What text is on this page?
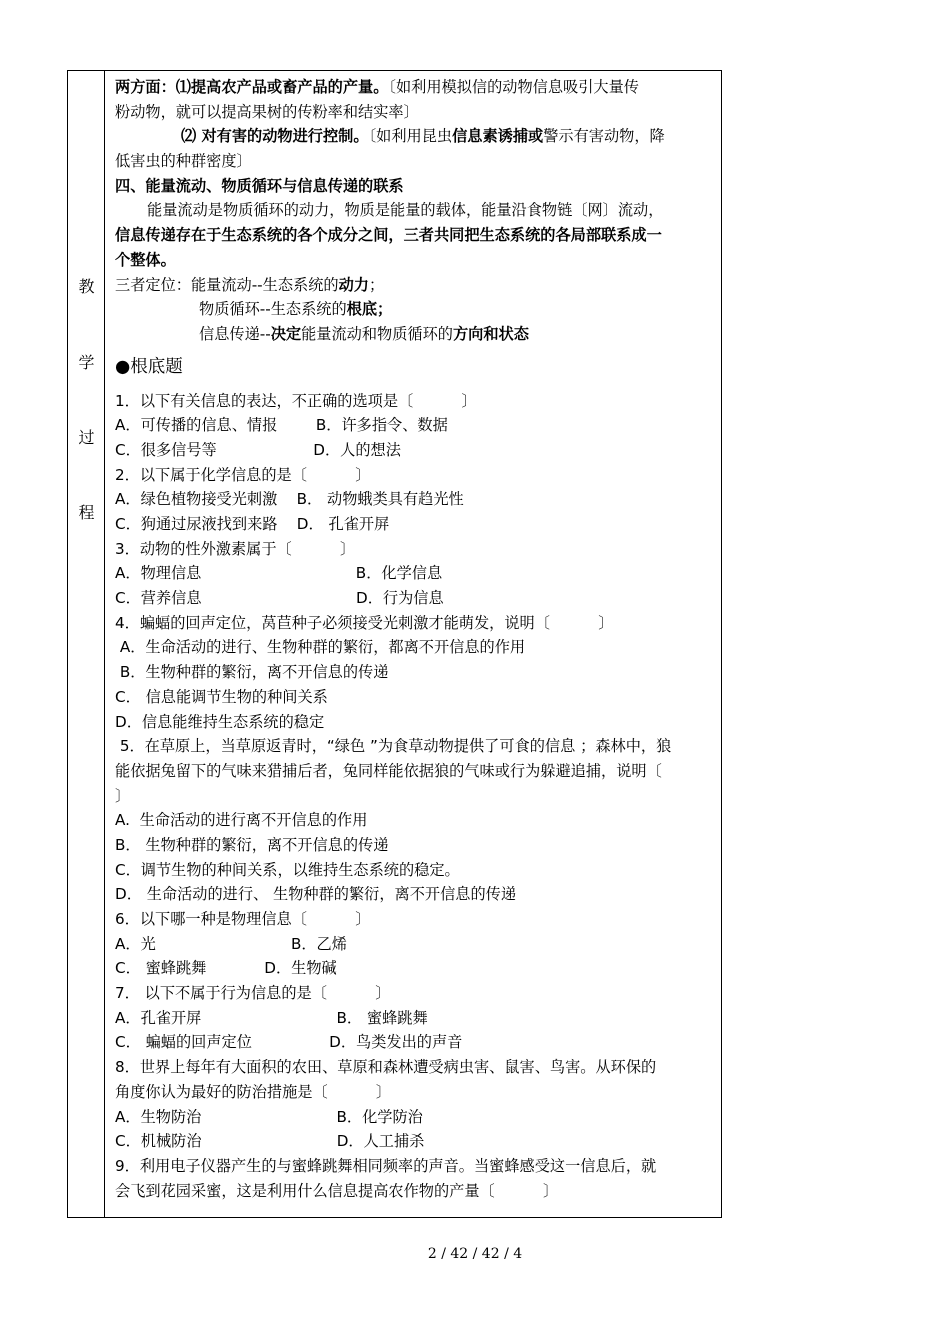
教
学
过
程
两方面：⑴提高农产品或畜产品的产量。〔如利用模拟信的动物信息吸引大量传
粉动物，就可以提高果树的传粉率和结实率〕
⑵ 对有害的动物进行控制。〔如利用昆虫信息素诱捕或警示有害动物，降
低害虫的种群密度〕
四、能量流动、物质循环与信息传递的联系
能量流动是物质循环的动力，物质是能量的载体，能量沿食物链〔网〕流动，
信息传递存在于生态系统的各个成分之间，三者共同把生态系统的各局部联系成一
个整体。
三者定位：能量流动--生态系统的动力；
物质循环--生态系统的根底；
信息传递--决定能量流动和物质循环的方向和状态
●根底题
1．以下有关信息的表达，不正确的选项是〔          〕
A．可传播的信息、情报        B．许多指令、数据
C．很多信号等                    D．人的想法
2．以下属于化学信息的是〔          〕
A．绿色植物接受光刺激    B． 动物蛾类具有趋光性
C．狗通过尿液找到来路    D． 孔雀开屏
3．动物的性外激素属于〔          〕
A．物理信息                                B．化学信息
C．营养信息                                D．行为信息
4．蝙蝠的回声定位，莴苣种子必须接受光刺激才能萌发，说明〔          〕
A．生命活动的进行、生物种群的繁衍，都离不开信息的作用
B．生物种群的繁衍，离不开信息的传递
C． 信息能调节生物的种间关系
D．信息能维持生态系统的稳定
5．在草原上，当草原返青时，“绿色 ”为食草动物提供了可食的信息 ；森林中，狼
能依据兔留下的气味来猎捕后者，兔同样能依据狼的气味或行为躲避追捕，说明〔
〕
A.  生命活动的进行离不开信息的作用
B． 生物种群的繁衍，离不开信息的传递
C．调节生物的种间关系，以维持生态系统的稳定。
D． 生命活动的进行、 生物种群的繁衍，离不开信息的传递
6．以下哪一种是物理信息〔          〕
A．光                            B．乙烯
C． 蜜蜂跳舞            D．生物碱
7． 以下不属于行为信息的是〔          〕
A．孔雀开屏                            B． 蜜蜂跳舞
C． 蝙蝠的回声定位                D．鸟类发出的声音
8．世界上每年有大面积的农田、草原和森林遭受病虫害、鼠害、鸟害。从环保的
角度你认为最好的防治措施是〔          〕
A．生物防治                            B．化学防治
C．机械防治                            D．人工捕杀
9．利用电子仪器产生的与蜜蜂跳舞相同频率的声音。当蜜蜂感受这一信息后，就
会飞到花园采蜜，这是利用什么信息提高农作物的产量〔          〕
2 / 42 / 42 / 4
